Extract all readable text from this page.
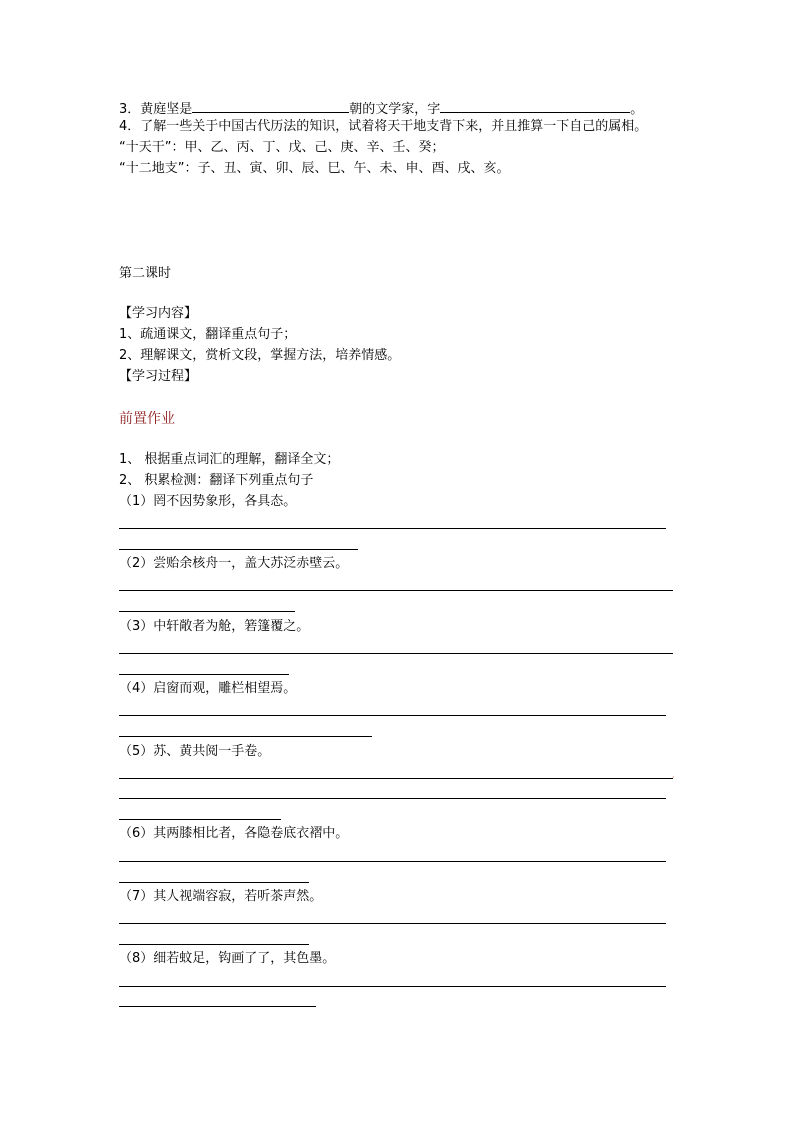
3．黄庭坚是	朝的文学家，字	。
4．了解一些关于中国古代历法的知识，试着将天干地支背下来，并且推算一下自己的属相。
“十天干”：甲、乙、丙、丁、戊、己、庚、辛、壬、癸；
“十二地支”：子、丑、寅、卯、辰、巳、午、未、申、酉、戌、亥。
第二课时
【学习内容】
1、疏通课文，翻译重点句子；
2、理解课文，赏析文段，掌握方法，培养情感。
【学习过程】
前置作业
1、 根据重点词汇的理解，翻译全文；
2、 积累检测：翻译下列重点句子
（1）罔不因势象形，各具态。
（2）尝贻余核舟一，盖大苏泛赤壁云。
（3）中轩敞者为舱，箬篷覆之。
（4）启窗而观，雕栏相望焉。
（5）苏、黄共阅一手卷。
·
（6）其两膝相比者，各隐卷底衣褶中。
（7）其人视端容寂，若听茶声然。
（8）细若蚊足，钩画了了，其色墨。
